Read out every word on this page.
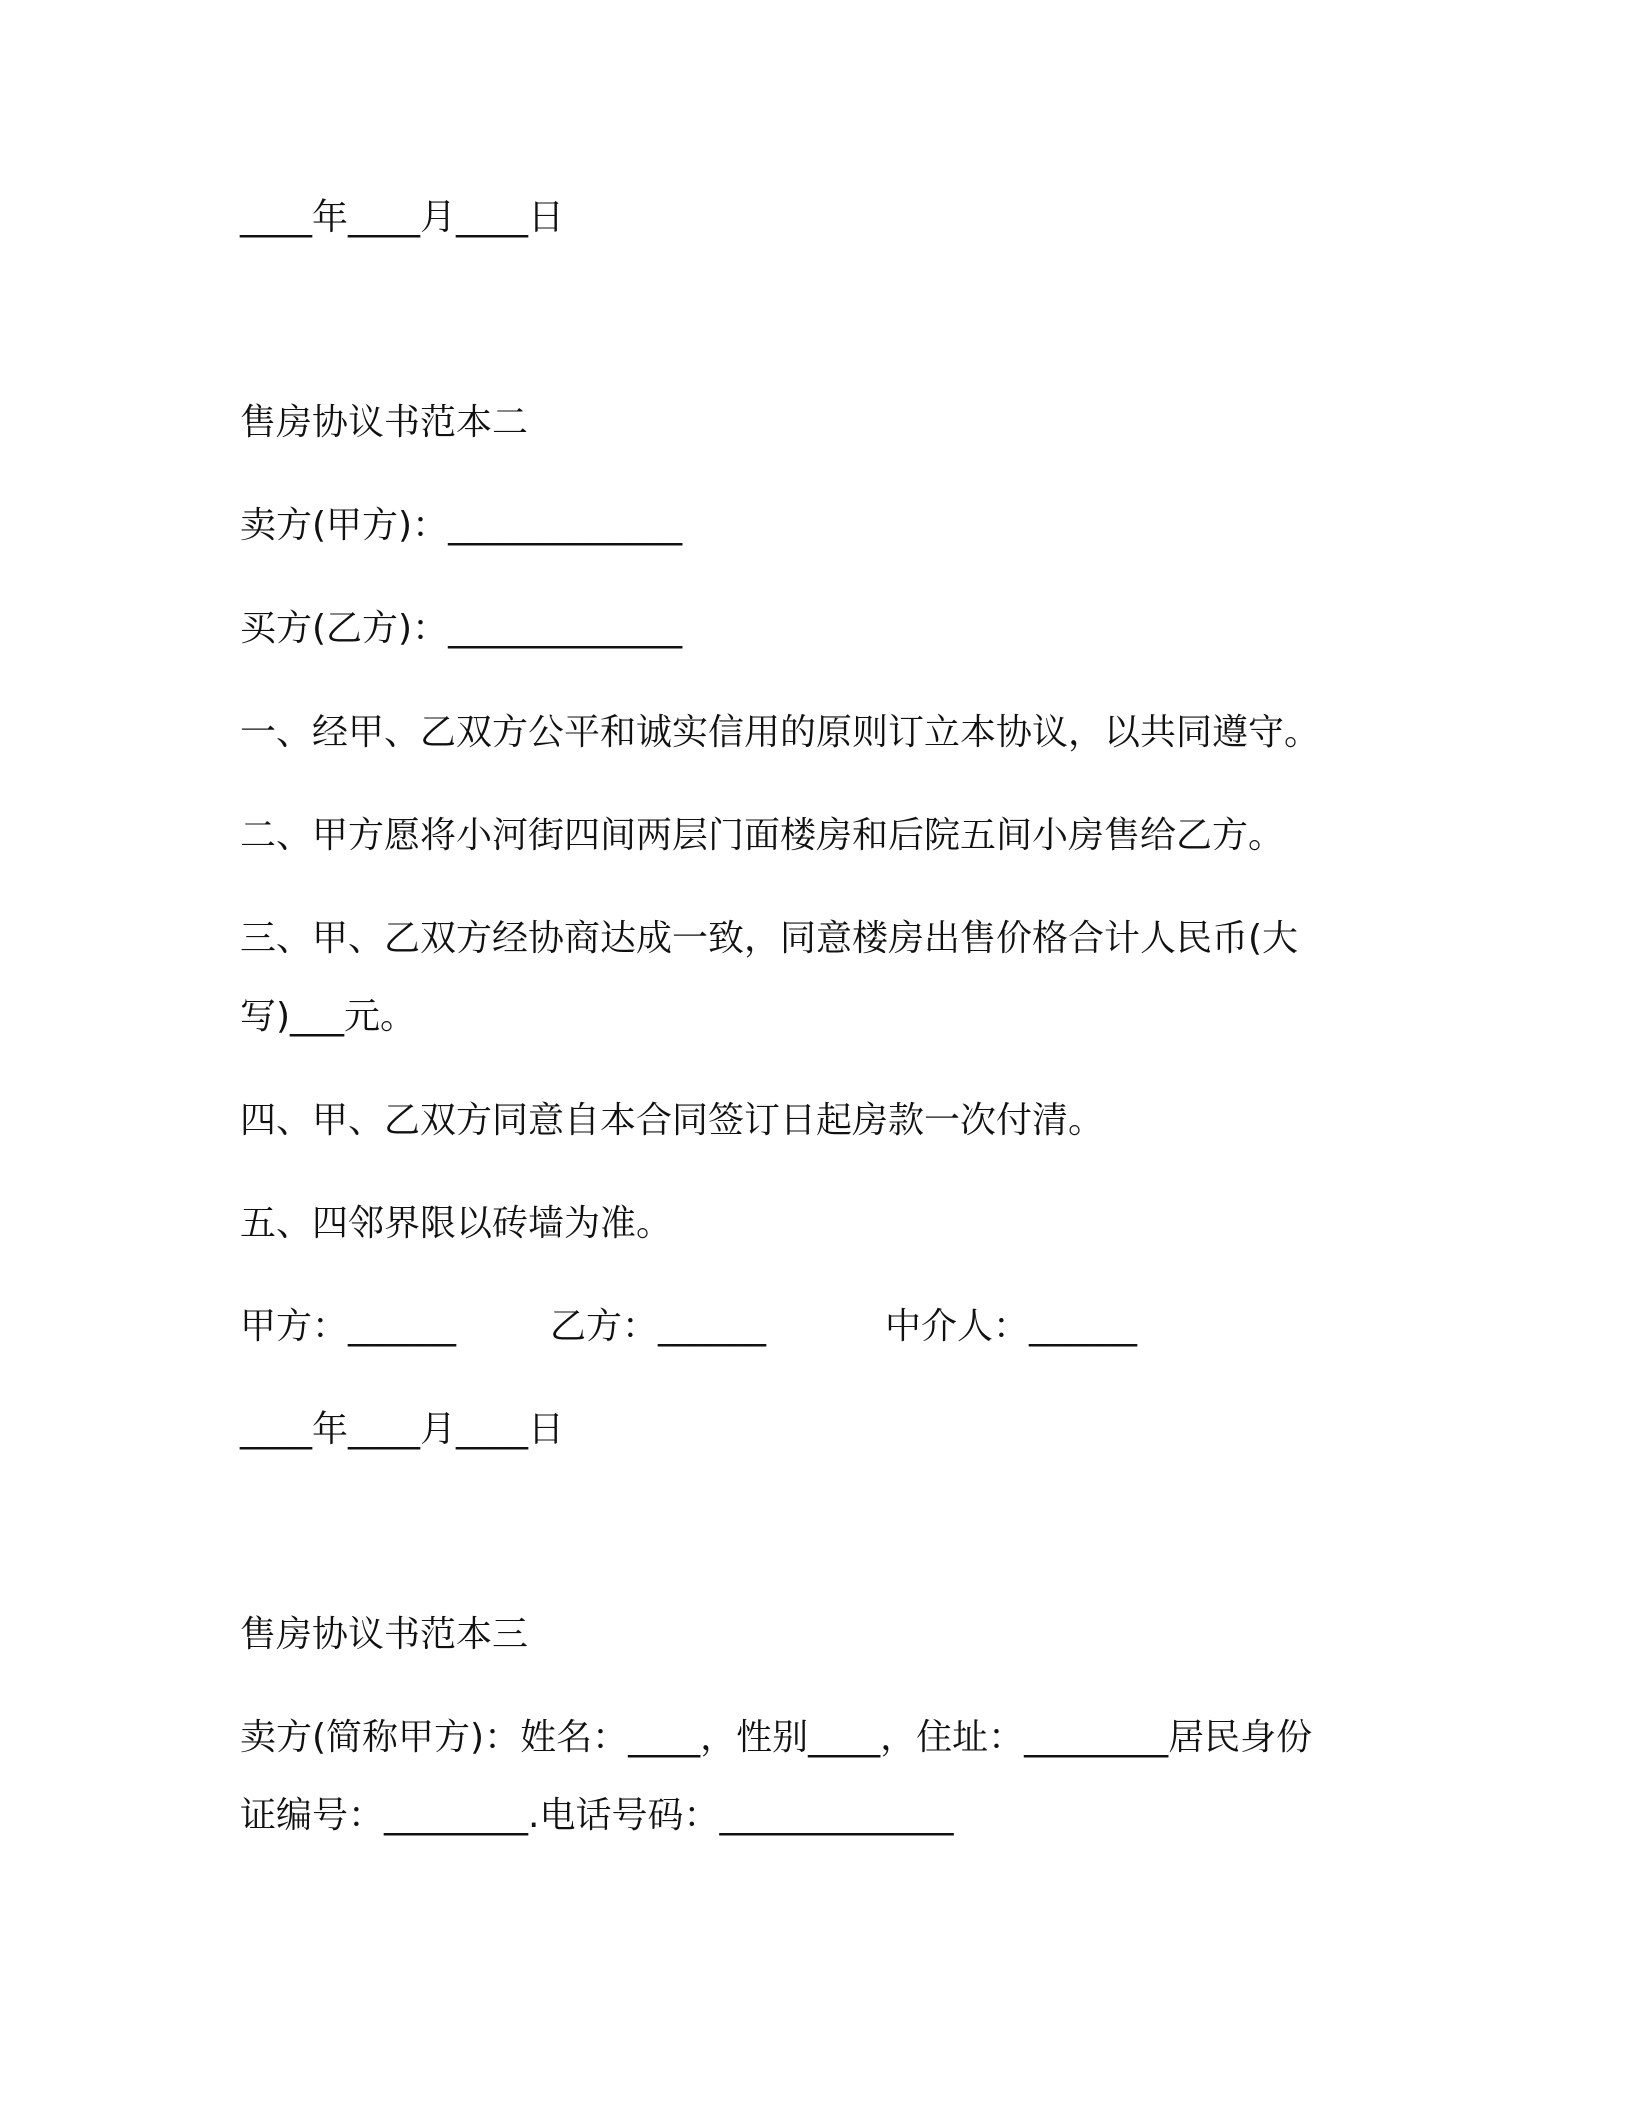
____年____月____日
售房协议书范本二
卖方(甲方)：_____________
买方(乙方)：_____________
一、经甲、乙双方公平和诚实信用的原则订立本协议，以共同遵守。
二、甲方愿将小河街四间两层门面楼房和后院五间小房售给乙方。
三、甲、乙双方经协商达成一致，同意楼房出售价格合计人民币(大
写)___元。
四、甲、乙双方同意自本合同签订日起房款一次付清。
五、四邻界限以砖墙为准。
甲方：______	乙方：______	中介人：______
____年____月____日
售房协议书范本三
卖方(简称甲方)：姓名：____，性别____，住址：________居民身份
证编号：________.电话号码：_____________
